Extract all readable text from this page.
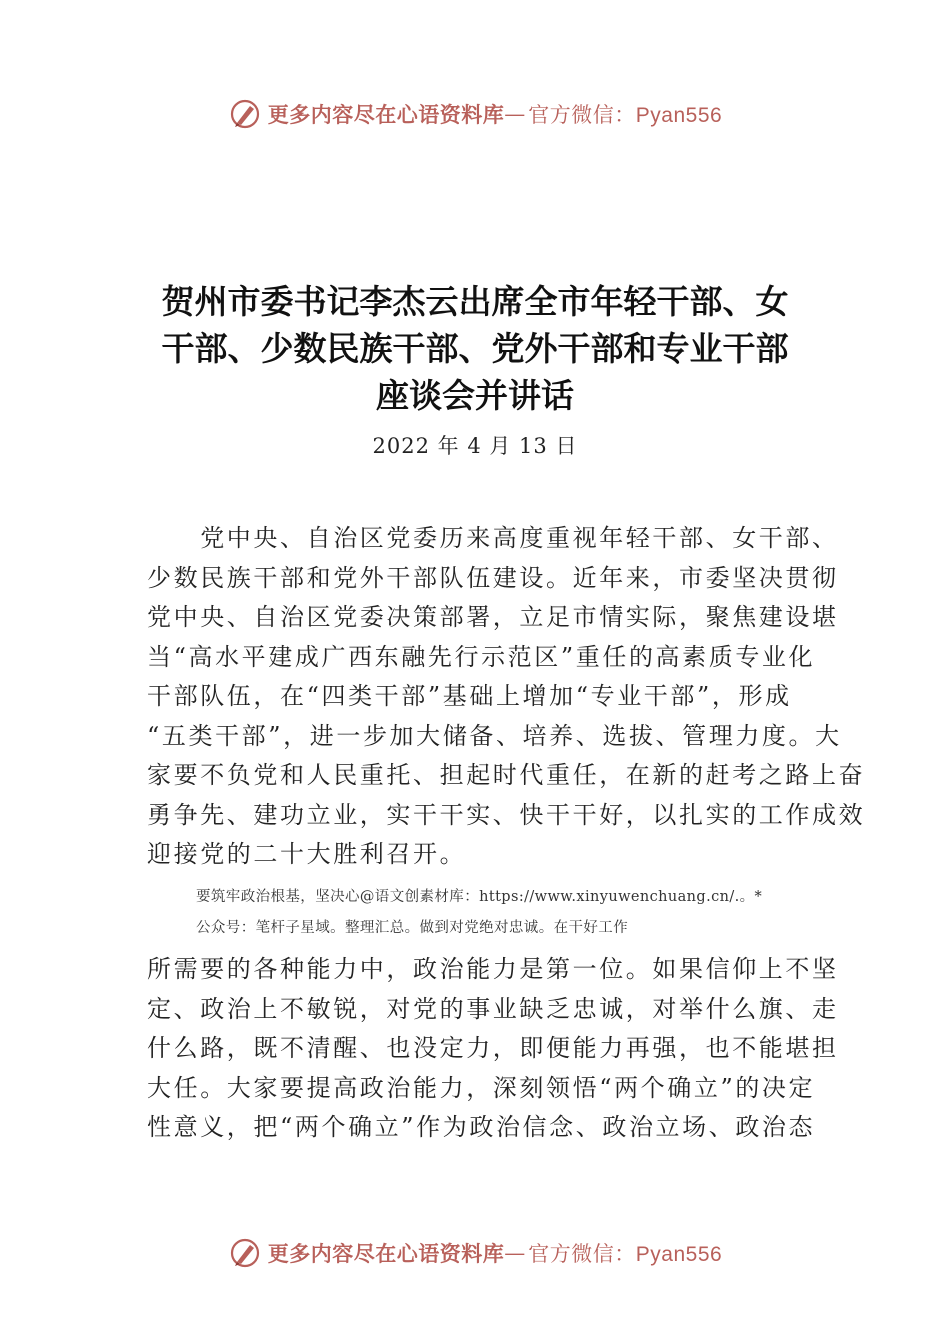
更多内容尽在心语资料库 — 官方微信：Pyan556
贺州市委书记李杰云出席全市年轻干部、女
干部、少数民族干部、党外干部和专业干部
座谈会并讲话
2022 年 4 月 13 日

　　党中央、自治区党委历来高度重视年轻干部、女干部、
少数民族干部和党外干部队伍建设。近年来，市委坚决贯彻
党中央、自治区党委决策部署，立足市情实际，聚焦建设堪
当“高水平建成广西东融先行示范区”重任的高素质专业化
干部队伍，在“四类干部”基础上增加“专业干部”，形成
“五类干部”，进一步加大储备、培养、选拔、管理力度。大
家要不负党和人民重托、担起时代重任，在新的赶考之路上奋
勇争先、建功立业，实干干实、快干干好，以扎实的工作成效
迎接党的二十大胜利召开。

要筑牢政治根基，坚决心@语文创素材库：https://www.xinyuwenchuang.cn/.。*
公众号：笔杆子星域。整理汇总。做到对党绝对忠诚。在干好工作

所需要的各种能力中，政治能力是第一位。如果信仰上不坚
定、政治上不敏锐，对党的事业缺乏忠诚，对举什么旗、走
什么路，既不清醒、也没定力，即便能力再强，也不能堪担
大任。大家要提高政治能力，深刻领悟“两个确立”的决定
性意义，把“两个确立”作为政治信念、政治立场、政治态

更多内容尽在心语资料库 — 官方微信：Pyan556
